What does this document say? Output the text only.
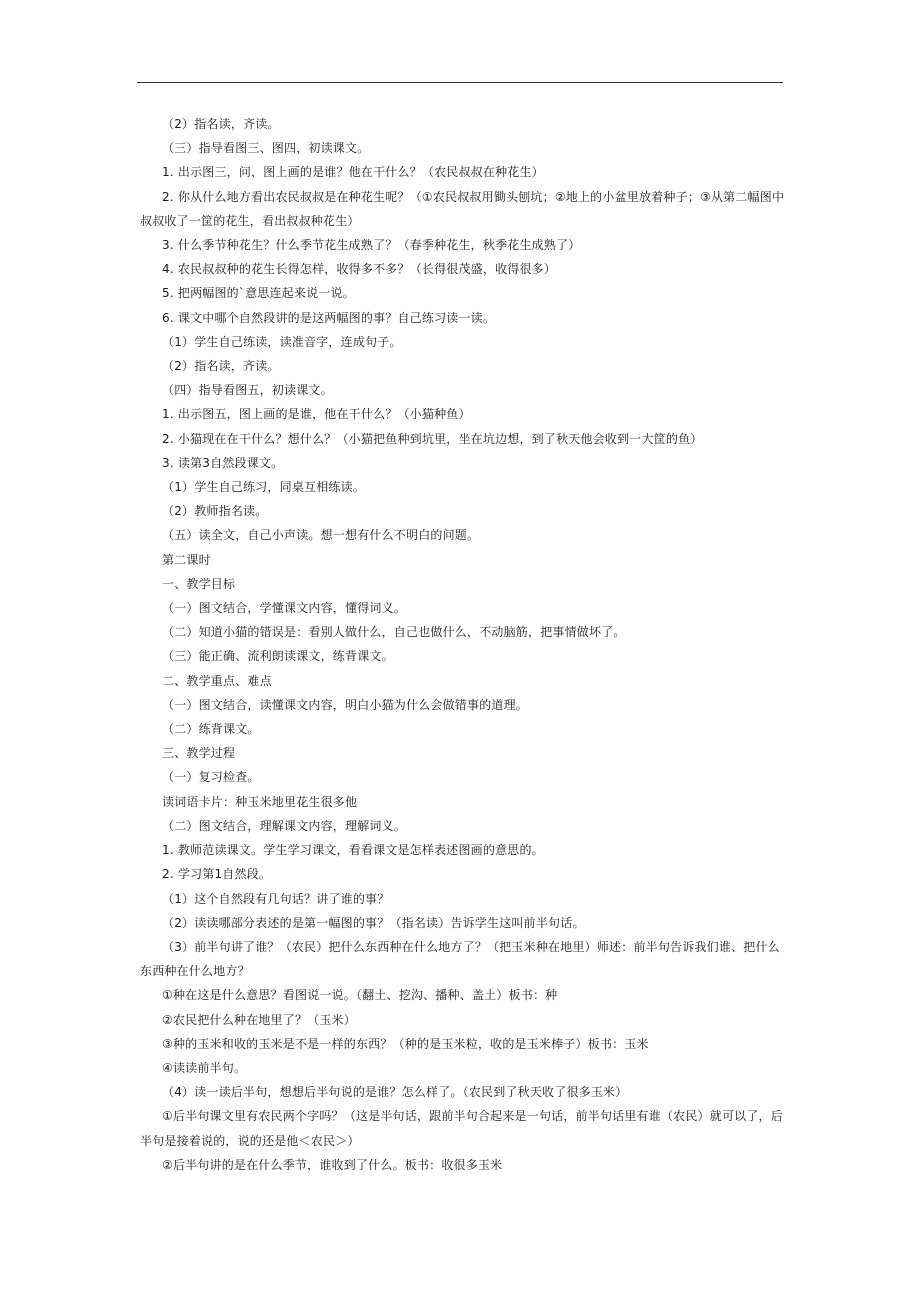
（2）指名读，齐读。
（三）指导看图三、图四，初读课文。
1. 出示图三，问，图上画的是谁？他在干什么？（农民叔叔在种花生）
2. 你从什么地方看出农民叔叔是在种花生呢？（①农民叔叔用锄头刨坑；②地上的小盆里放着种子；③从第二幅图中叔叔收了一筐的花生，看出叔叔种花生）
3. 什么季节种花生？什么季节花生成熟了？（春季种花生，秋季花生成熟了）
4. 农民叔叔种的花生长得怎样，收得多不多？（长得很茂盛，收得很多）
5. 把两幅图的`意思连起来说一说。
6. 课文中哪个自然段讲的是这两幅图的事？自己练习读一读。
（1）学生自己练读，读准音字，连成句子。
（2）指名读，齐读。
（四）指导看图五，初读课文。
1. 出示图五，图上画的是谁，他在干什么？（小猫种鱼）
2. 小猫现在在干什么？想什么？（小猫把鱼种到坑里，坐在坑边想，到了秋天他会收到一大筐的鱼）
3. 读第3自然段课文。
（1）学生自己练习，同桌互相练读。
（2）教师指名读。
（五）读全文，自己小声读。想一想有什么不明白的问题。
第二课时
一、教学目标
（一）图文结合，学懂课文内容，懂得词义。
（二）知道小猫的错误是：看别人做什么，自己也做什么，不动脑筋，把事情做坏了。
（三）能正确、流利朗读课文，练背课文。
二、教学重点、难点
（一）图文结合，读懂课文内容，明白小猫为什么会做错事的道理。
（二）练背课文。
三、教学过程
（一）复习检查。
读词语卡片：种玉米地里花生很多他
（二）图文结合，理解课文内容，理解词义。
1. 教师范读课文。学生学习课文，看看课文是怎样表述图画的意思的。
2. 学习第1自然段。
（1）这个自然段有几句话？讲了谁的事？
（2）读读哪部分表述的是第一幅图的事？（指名读）告诉学生这叫前半句话。
（3）前半句讲了谁？（农民）把什么东西种在什么地方了？（把玉米种在地里）师述：前半句告诉我们谁、把什么东西种在什么地方？
①种在这是什么意思？看图说一说。（翻土、挖沟、播种、盖土）板书：种
②农民把什么种在地里了？（玉米）
③种的玉米和收的玉米是不是一样的东西？（种的是玉米粒，收的是玉米棒子）板书：玉米
④读读前半句。
（4）读一读后半句，想想后半句说的是谁？怎么样了。（农民到了秋天收了很多玉米）
①后半句课文里有农民两个字吗？（这是半句话，跟前半句合起来是一句话，前半句话里有谁（农民）就可以了，后半句是接着说的，说的还是他＜农民＞）
②后半句讲的是在什么季节，谁收到了什么。板书：收很多玉米
